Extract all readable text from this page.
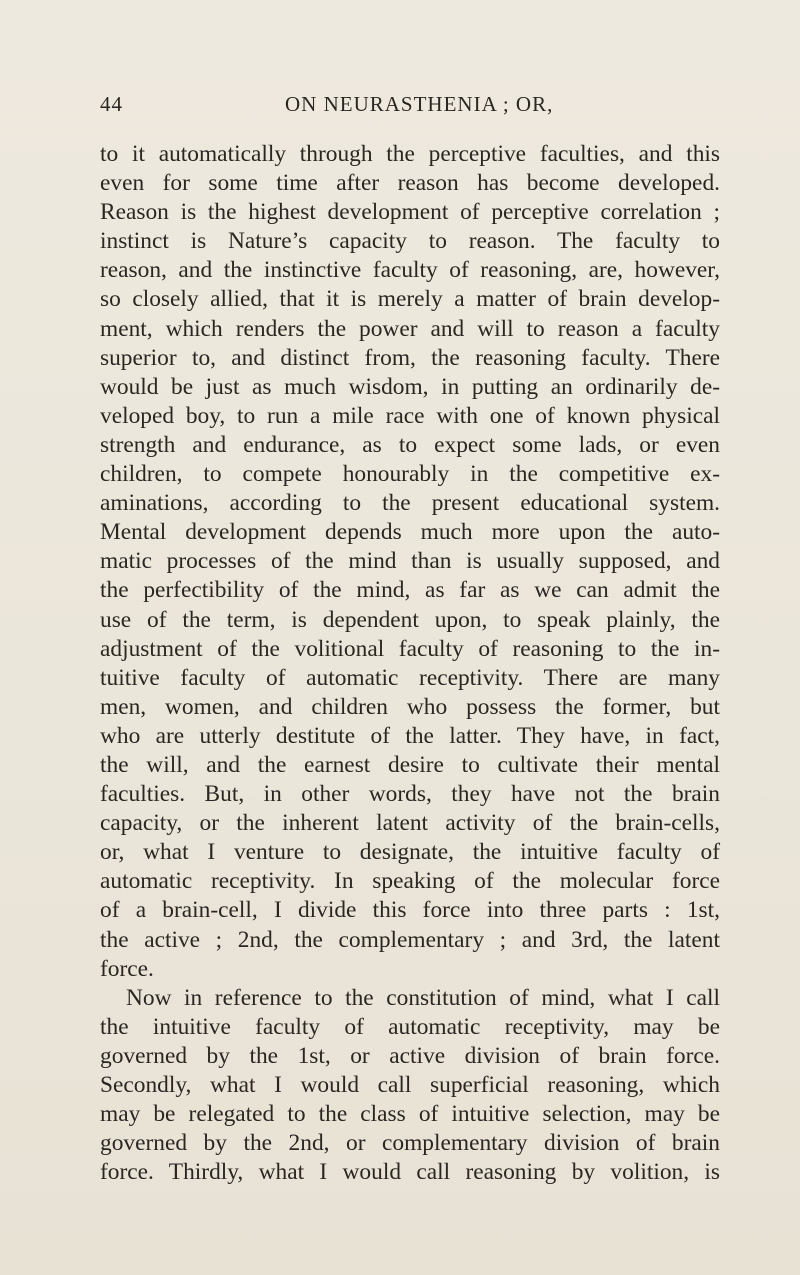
44	ON NEURASTHENIA ; OR,
to it automatically through the perceptive faculties, and this
even for some time after reason has become developed.
Reason is the highest development of perceptive correlation ;
instinct is Nature’s capacity to reason. The faculty to
reason, and the instinctive faculty of reasoning, are, however,
so closely allied, that it is merely a matter of brain develop-
ment, which renders the power and will to reason a faculty
superior to, and distinct from, the reasoning faculty. There
would be just as much wisdom, in putting an ordinarily de-
veloped boy, to run a mile race with one of known physical
strength and endurance, as to expect some lads, or even
children, to compete honourably in the competitive ex-
aminations, according to the present educational system.
Mental development depends much more upon the auto-
matic processes of the mind than is usually supposed, and
the perfectibility of the mind, as far as we can admit the
use of the term, is dependent upon, to speak plainly, the
adjustment of the volitional faculty of reasoning to the in-
tuitive faculty of automatic receptivity. There are many
men, women, and children who possess the former, but
who are utterly destitute of the latter. They have, in fact,
the will, and the earnest desire to cultivate their mental
faculties. But, in other words, they have not the brain
capacity, or the inherent latent activity of the brain-cells,
or, what I venture to designate, the intuitive faculty of
automatic receptivity. In speaking of the molecular force
of a brain-cell, I divide this force into three parts : 1st,
the active ; 2nd, the complementary ; and 3rd, the latent
force.
Now in reference to the constitution of mind, what I call
the intuitive faculty of automatic receptivity, may be
governed by the 1st, or active division of brain force.
Secondly, what I would call superficial reasoning, which
may be relegated to the class of intuitive selection, may be
governed by the 2nd, or complementary division of brain
force. Thirdly, what I would call reasoning by volition, is
